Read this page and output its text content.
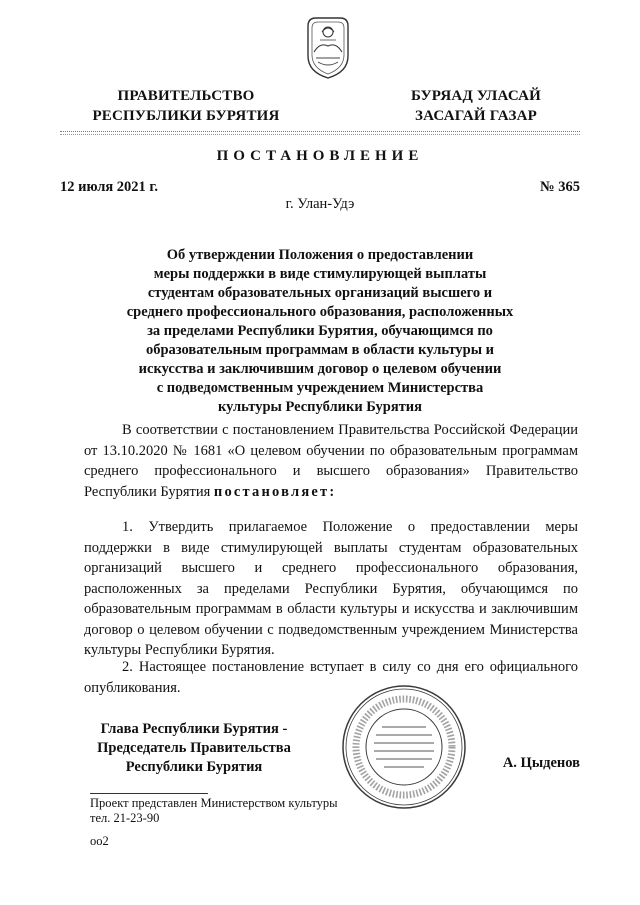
ПРАВИТЕЛЬСТВО
РЕСПУБЛИКИ БУРЯТИЯ
БУРЯАД УЛАСАЙ
ЗАСАГАЙ ГАЗАР
ПОСТАНОВЛЕНИЕ
12 июля 2021 г.	№ 365
г. Улан-Удэ
Об утверждении Положения о предоставлении
меры поддержки в виде стимулирующей выплаты
студентам образовательных организаций высшего и
среднего профессионального образования, расположенных
за пределами Республики Бурятия, обучающимся по
образовательным программам в области культуры и
искусства и заключившим договор о целевом обучении
с подведомственным учреждением Министерства
культуры Республики Бурятия
В соответствии с постановлением Правительства Российской Федерации от 13.10.2020 № 1681 «О целевом обучении по образовательным программам среднего профессионального и высшего образования» Правительство Республики Бурятия постановляет:
1. Утвердить прилагаемое Положение о предоставлении меры поддержки в виде стимулирующей выплаты студентам образовательных организаций высшего и среднего профессионального образования, расположенных за пределами Республики Бурятия, обучающимся по образовательным программам в области культуры и искусства и заключившим договор о целевом обучении с подведомственным учреждением Министерства культуры Республики Бурятия.
2. Настоящее постановление вступает в силу со дня его официального опубликования.
Глава Республики Бурятия -
Председатель Правительства
Республики Бурятия	А. Цыденов
Проект представлен Министерством культуры
тел. 21-23-90
оо2
